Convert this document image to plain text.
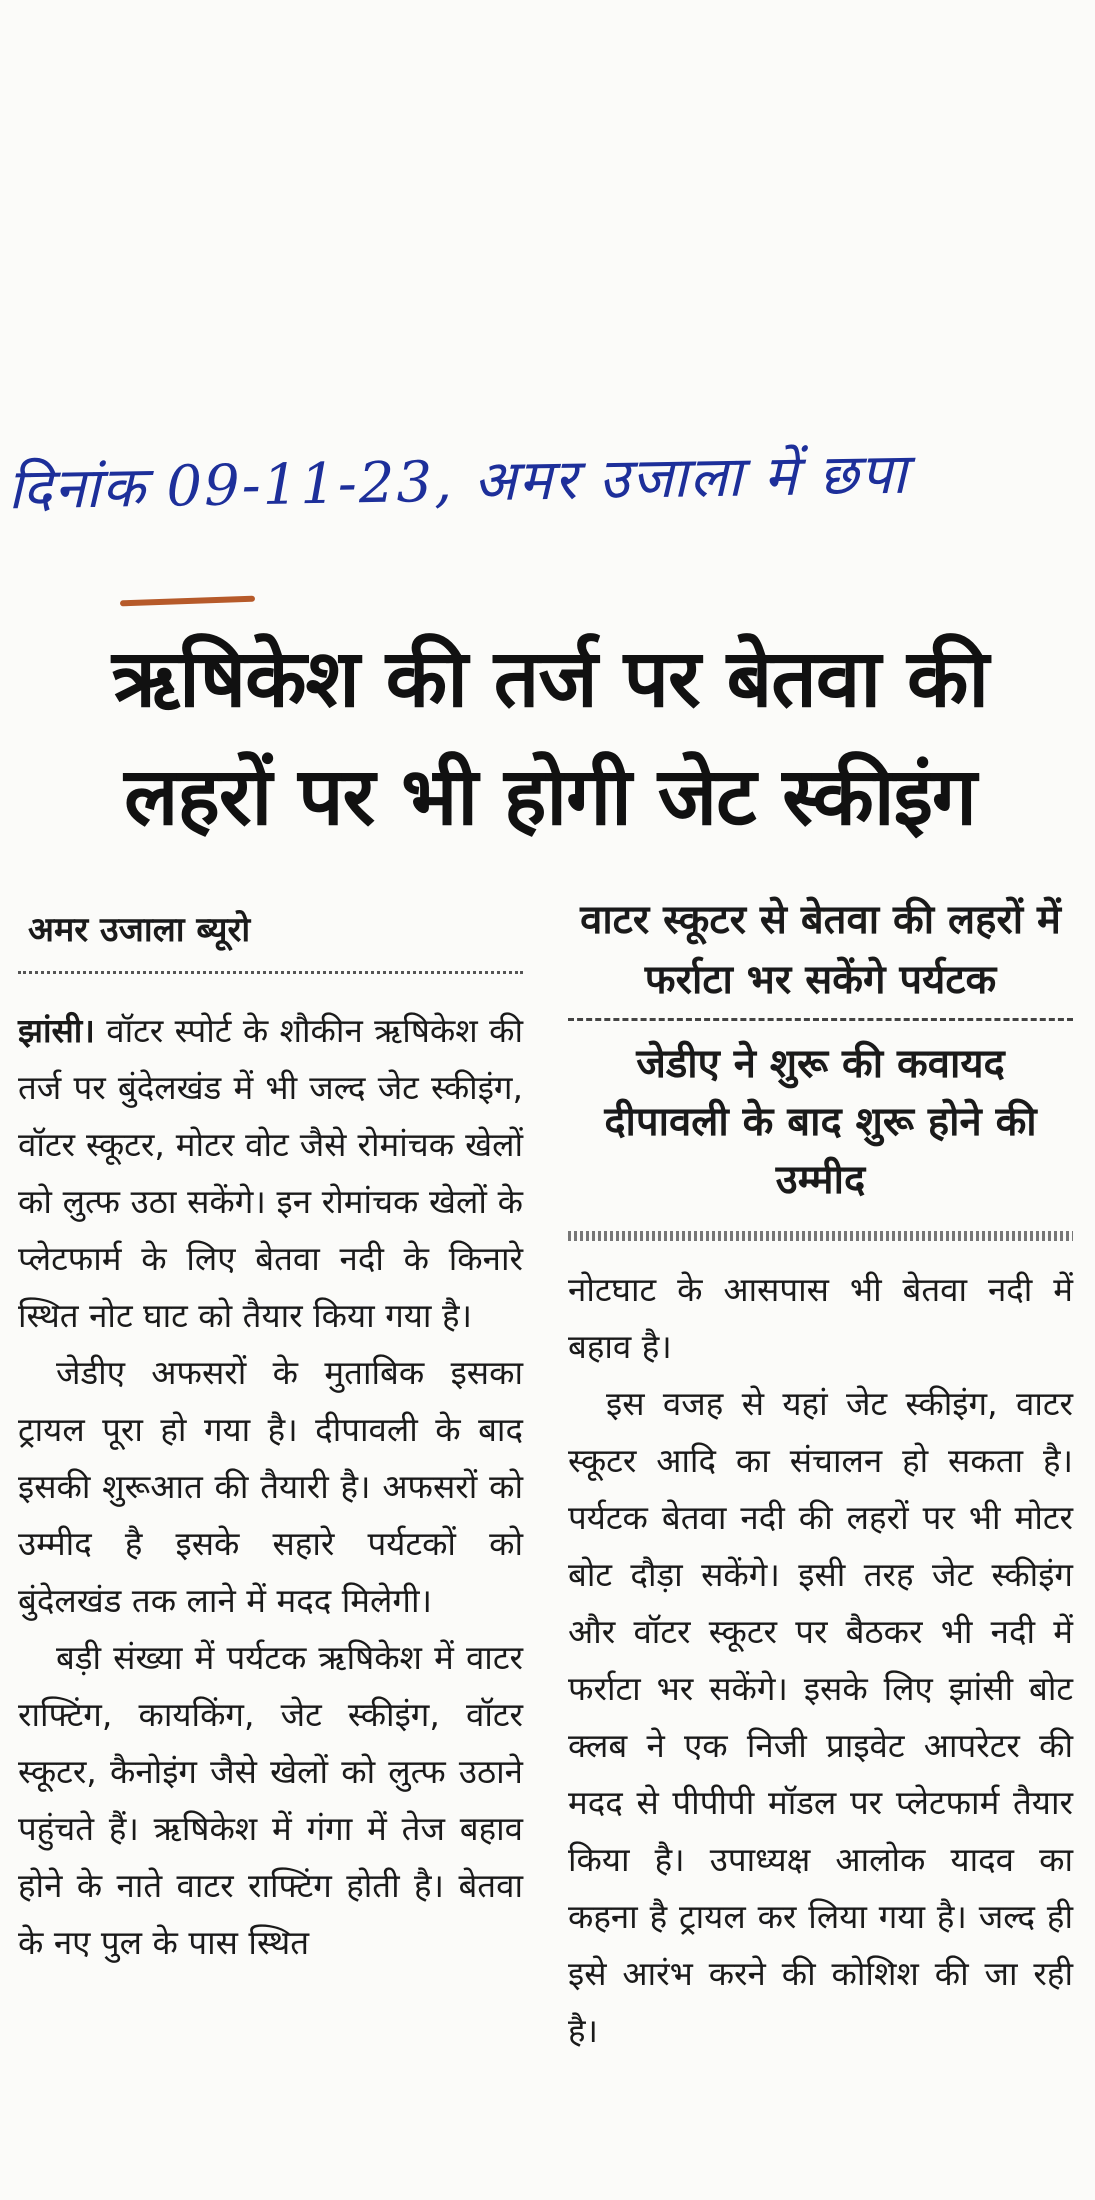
दिनांक 09-11-23, अमर उजाला में छपा
ऋषिकेश की तर्ज पर बेतवा की
लहरों पर भी होगी जेट स्कीइंग
अमर उजाला ब्यूरो

झांसी। वॉटर स्पोर्ट के शौकीन ऋषिकेश की तर्ज पर बुंदेलखंड में भी जल्द जेट स्कीइंग, वॉटर स्कूटर, मोटर वोट जैसे रोमांचक खेलों को लुत्फ उठा सकेंगे। इन रोमांचक खेलों के प्लेटफार्म के लिए बेतवा नदी के किनारे स्थित नोट घाट को तैयार किया गया है।

जेडीए अफसरों के मुताबिक इसका ट्रायल पूरा हो गया है। दीपावली के बाद इसकी शुरूआत की तैयारी है। अफसरों को उम्मीद है इसके सहारे पर्यटकों को बुंदेलखंड तक लाने में मदद मिलेगी।

बड़ी संख्या में पर्यटक ऋषिकेश में वाटर राफ्टिंग, कायकिंग, जेट स्कीइंग, वॉटर स्कूटर, कैनोइंग जैसे खेलों को लुत्फ उठाने पहुंचते हैं। ऋषिकेश में गंगा में तेज बहाव होने के नाते वाटर राफ्टिंग होती है। बेतवा के नए पुल के पास स्थित

वाटर स्कूटर से बेतवा की लहरों में फर्राटा भर सकेंगे पर्यटक

जेडीए ने शुरू की कवायद दीपावली के बाद शुरू होने की उम्मीद

नोटघाट के आसपास भी बेतवा नदी में बहाव है।

इस वजह से यहां जेट स्कीइंग, वाटर स्कूटर आदि का संचालन हो सकता है। पर्यटक बेतवा नदी की लहरों पर भी मोटर बोट दौड़ा सकेंगे। इसी तरह जेट स्कीइंग और वॉटर स्कूटर पर बैठकर भी नदी में फर्राटा भर सकेंगे। इसके लिए झांसी बोट क्लब ने एक निजी प्राइवेट आपरेटर की मदद से पीपीपी मॉडल पर प्लेटफार्म तैयार किया है। उपाध्यक्ष आलोक यादव का कहना है ट्रायल कर लिया गया है। जल्द ही इसे आरंभ करने की कोशिश की जा रही है।
